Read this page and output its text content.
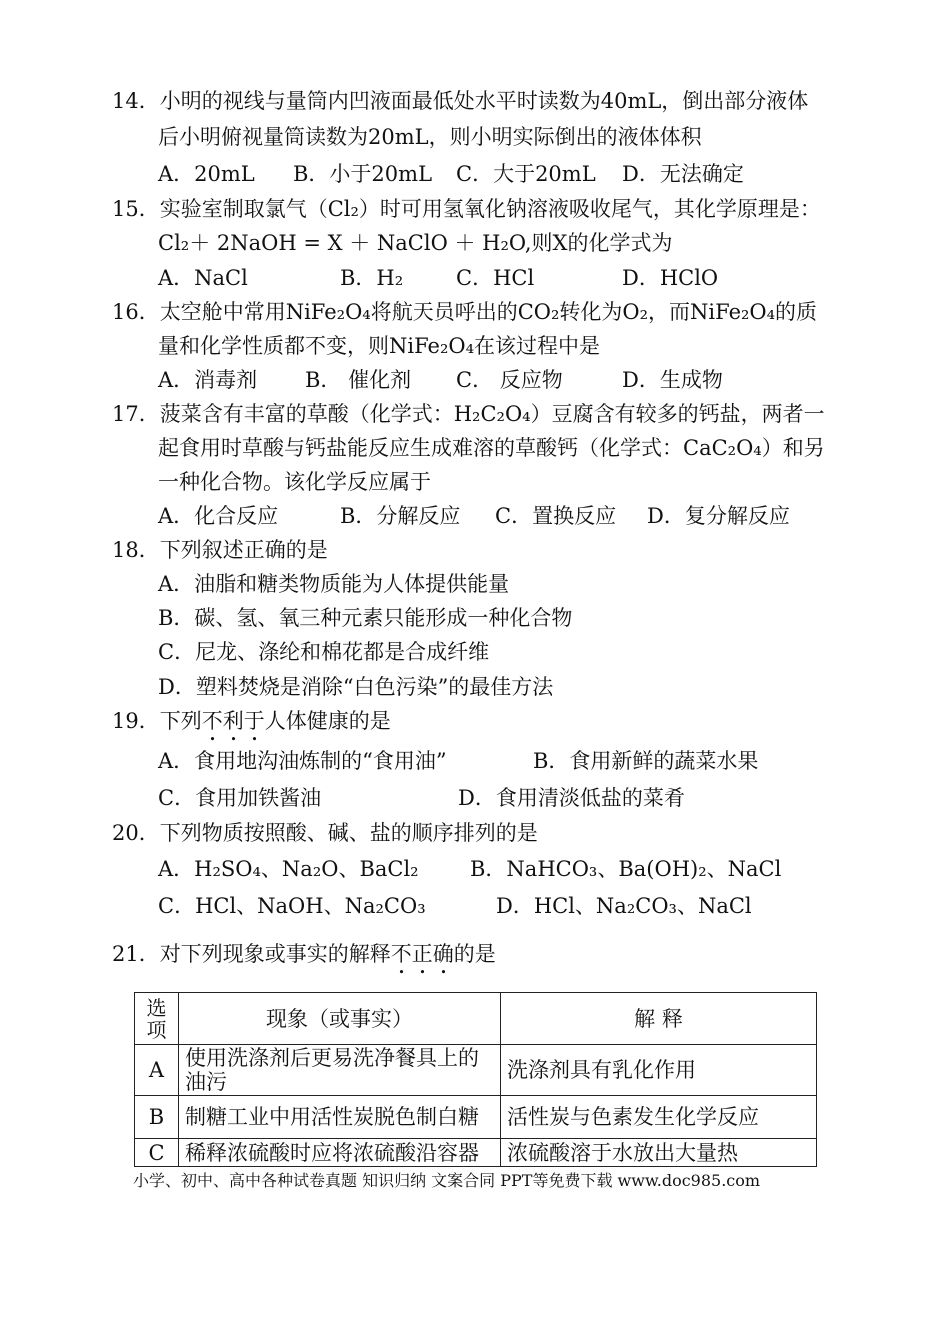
14．小明的视线与量筒内凹液面最低处水平时读数为40mL，倒出部分液体
后小明俯视量筒读数为20mL，则小明实际倒出的液体体积
A．20mL B．小于20mL C．大于20mL D．无法确定
15．实验室制取氯气（Cl₂）时可用氢氧化钠溶液吸收尾气，其化学原理是：
Cl₂＋ 2NaOH = X ＋ NaClO ＋ H₂O,则X的化学式为
A．NaCl	B．H₂	C．HCl	D．HClO
16．太空舱中常用NiFe₂O₄将航天员呼出的CO₂转化为O₂，而NiFe₂O₄的质
量和化学性质都不变，则NiFe₂O₄在该过程中是
A．消毒剂 B． 催化剂 C． 反应物	D．生成物
17．菠菜含有丰富的草酸（化学式：H₂C₂O₄）豆腐含有较多的钙盐，两者一
起食用时草酸与钙盐能反应生成难溶的草酸钙（化学式：CaC₂O₄）和另
一种化合物。该化学反应属于
A．化合反应	B．分解反应 C．置换反应 D．复分解反应
18．下列叙述正确的是
A．油脂和糖类物质能为人体提供能量
B．碳、氢、氧三种元素只能形成一种化合物
C．尼龙、涤纶和棉花都是合成纤维
D．塑料焚烧是消除“白色污染”的最佳方法
19．下列不利于人体健康的是
A．食用地沟油炼制的“食用油”	B．食用新鲜的蔬菜水果
C．食用加铁酱油	D．食用清淡低盐的菜肴
20．下列物质按照酸、碱、盐的顺序排列的是
A．H₂SO₄、Na₂O、BaCl₂ B．NaHCO₃、Ba(OH)₂、NaCl
C．HCl、NaOH、Na₂CO₃	D．HCl、Na₂CO₃、NaCl
21．对下列现象或事实的解释不正确的是
选项	现象（或事实）	解 释
A	使用洗涤剂后更易洗净餐具上的油污	洗涤剂具有乳化作用
B	制糖工业中用活性炭脱色制白糖	活性炭与色素发生化学反应
C	稀释浓硫酸时应将浓硫酸沿容器	浓硫酸溶于水放出大量热
小学、初中、高中各种试卷真题 知识归纳 文案合同 PPT等免费下载 www.doc985.com
